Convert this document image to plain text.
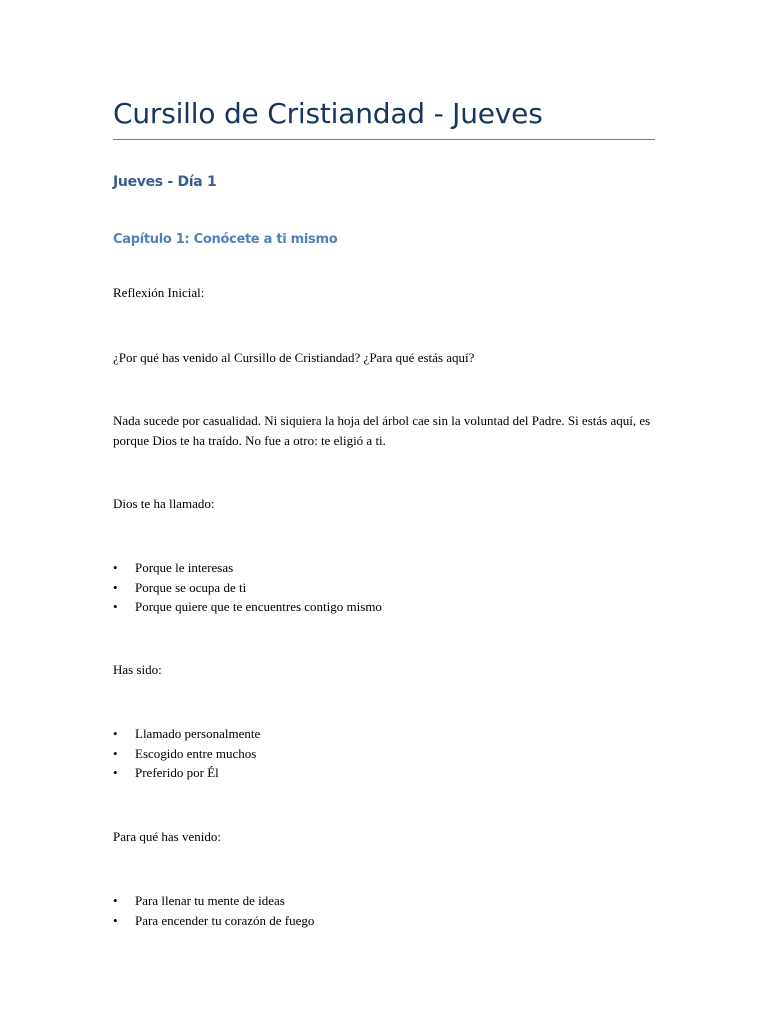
Cursillo de Cristiandad - Jueves
Jueves - Día 1
Capítulo 1: Conócete a ti mismo

Reflexión Inicial:

¿Por qué has venido al Cursillo de Cristiandad? ¿Para qué estás aquí?

Nada sucede por casualidad. Ni siquiera la hoja del árbol cae sin la voluntad del Padre. Si estás aquí, es porque Dios te ha traído. No fue a otro: te eligió a ti.

Dios te ha llamado:

• Porque le interesas
• Porque se ocupa de ti
• Porque quiere que te encuentres contigo mismo

Has sido:

• Llamado personalmente
• Escogido entre muchos
• Preferido por Él

Para qué has venido:

• Para llenar tu mente de ideas
• Para encender tu corazón de fuego
